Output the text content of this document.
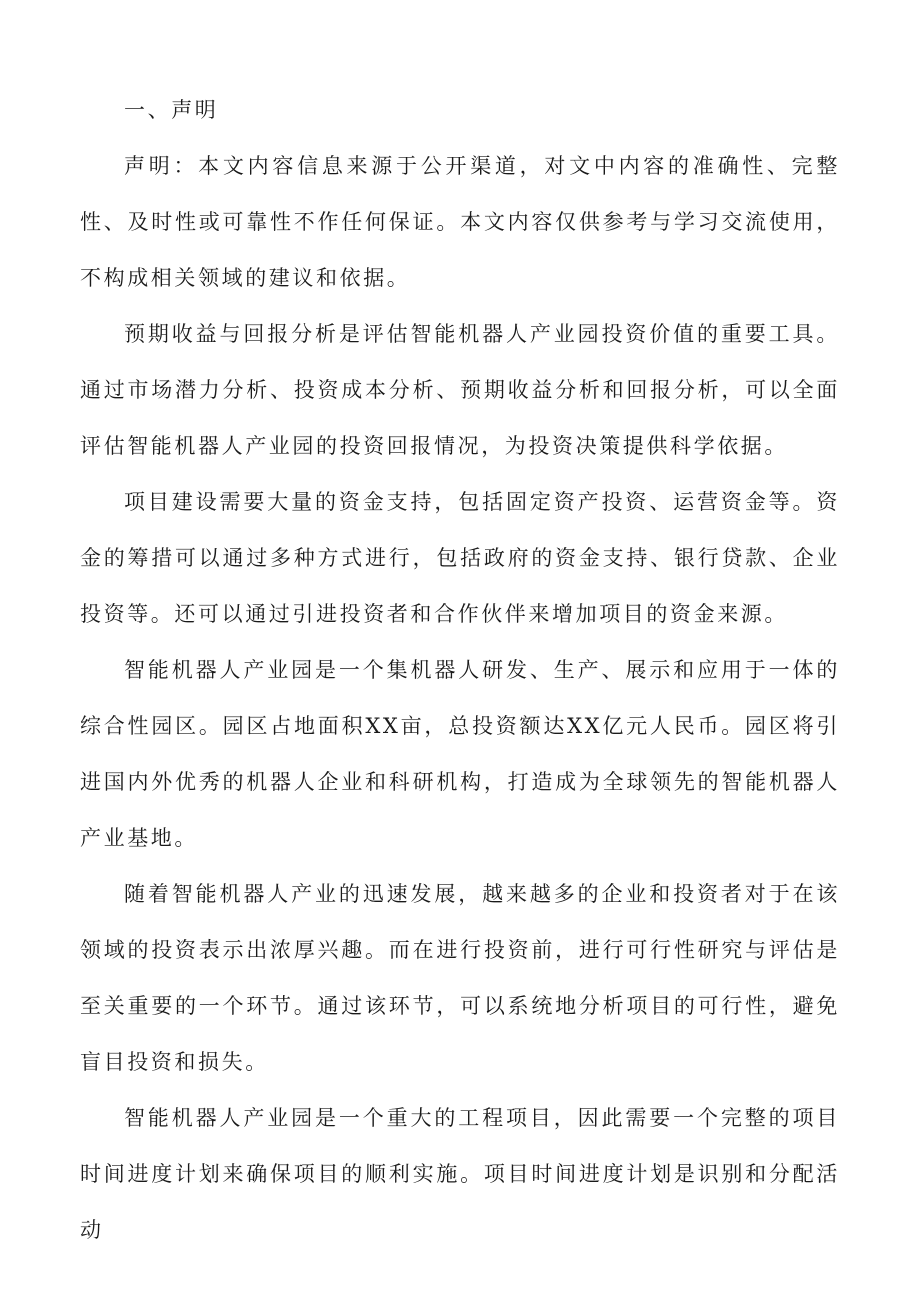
一、声明

声明：本文内容信息来源于公开渠道，对文中内容的准确性、完整性、及时性或可靠性不作任何保证。本文内容仅供参考与学习交流使用，不构成相关领域的建议和依据。

预期收益与回报分析是评估智能机器人产业园投资价值的重要工具。通过市场潜力分析、投资成本分析、预期收益分析和回报分析，可以全面评估智能机器人产业园的投资回报情况，为投资决策提供科学依据。

项目建设需要大量的资金支持，包括固定资产投资、运营资金等。资金的筹措可以通过多种方式进行，包括政府的资金支持、银行贷款、企业投资等。还可以通过引进投资者和合作伙伴来增加项目的资金来源。

智能机器人产业园是一个集机器人研发、生产、展示和应用于一体的综合性园区。园区占地面积XX亩，总投资额达XX亿元人民币。园区将引进国内外优秀的机器人企业和科研机构，打造成为全球领先的智能机器人产业基地。

随着智能机器人产业的迅速发展，越来越多的企业和投资者对于在该领域的投资表示出浓厚兴趣。而在进行投资前，进行可行性研究与评估是至关重要的一个环节。通过该环节，可以系统地分析项目的可行性，避免盲目投资和损失。

智能机器人产业园是一个重大的工程项目，因此需要一个完整的项目时间进度计划来确保项目的顺利实施。项目时间进度计划是识别和分配活动
